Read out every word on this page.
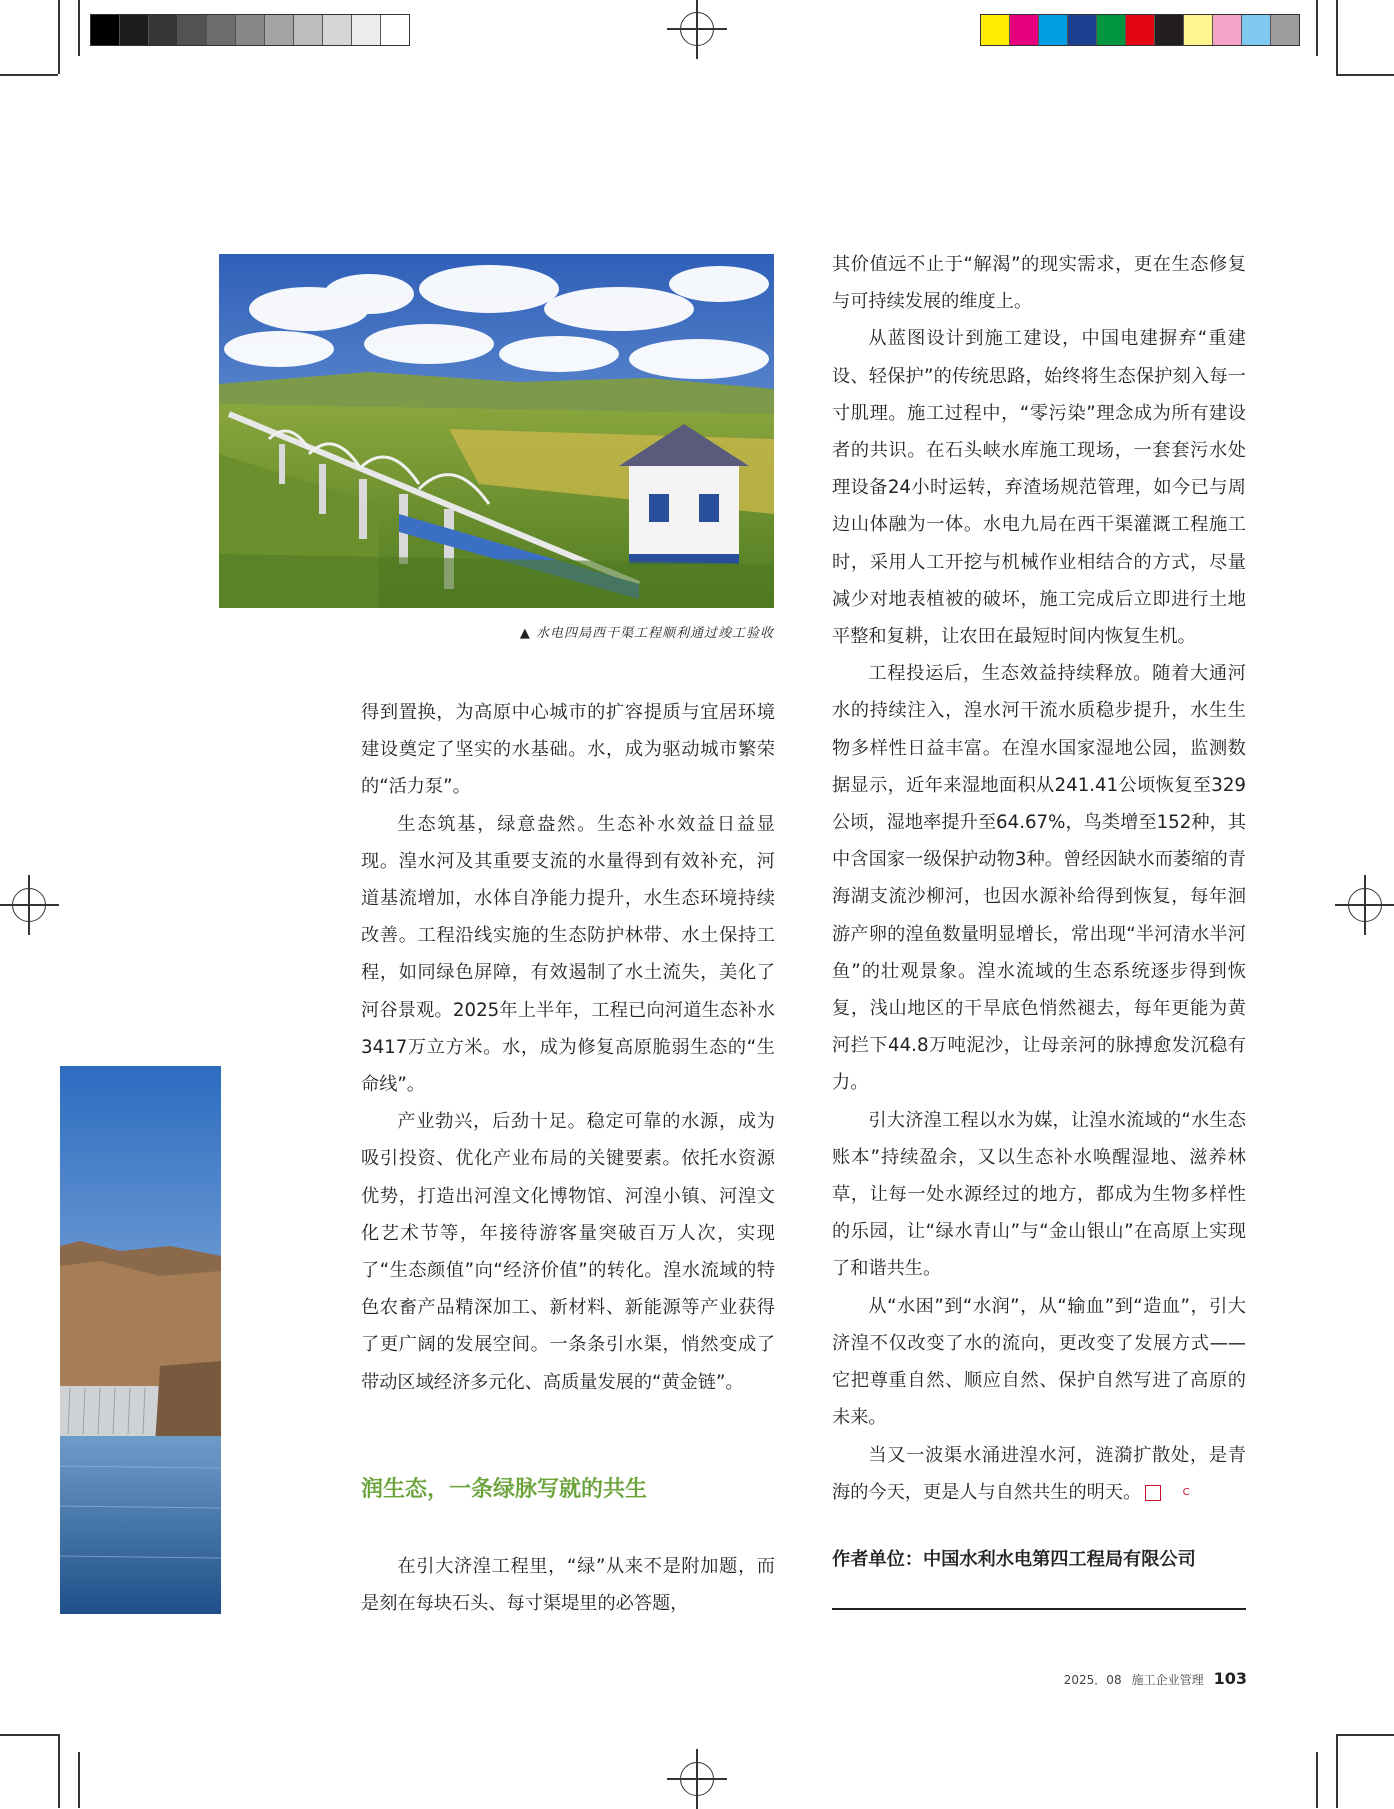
▲ 水电四局西干渠工程顺利通过竣工验收

得到置换，为高原中心城市的扩容提质与宜居环境建设奠定了坚实的水基础。水，成为驱动城市繁荣的“活力泵”。

生态筑基，绿意盎然。生态补水效益日益显现。湟水河及其重要支流的水量得到有效补充，河道基流增加，水体自净能力提升，水生态环境持续改善。工程沿线实施的生态防护林带、水土保持工程，如同绿色屏障，有效遏制了水土流失，美化了河谷景观。2025年上半年，工程已向河道生态补水3417万立方米。水，成为修复高原脆弱生态的“生命线”。

产业勃兴，后劲十足。稳定可靠的水源，成为吸引投资、优化产业布局的关键要素。依托水资源优势，打造出河湟文化博物馆、河湟小镇、河湟文化艺术节等，年接待游客量突破百万人次，实现了“生态颜值”向“经济价值”的转化。湟水流域的特色农畜产品精深加工、新材料、新能源等产业获得了更广阔的发展空间。一条条引水渠，悄然变成了带动区域经济多元化、高质量发展的“黄金链”。

润生态，一条绿脉写就的共生

在引大济湟工程里，“绿”从来不是附加题，而是刻在每块石头、每寸渠堤里的必答题，

其价值远不止于“解渴”的现实需求，更在生态修复与可持续发展的维度上。

从蓝图设计到施工建设，中国电建摒弃“重建设、轻保护”的传统思路，始终将生态保护刻入每一寸肌理。施工过程中，“零污染”理念成为所有建设者的共识。在石头峡水库施工现场，一套套污水处理设备24小时运转，弃渣场规范管理，如今已与周边山体融为一体。水电九局在西干渠灌溉工程施工时，采用人工开挖与机械作业相结合的方式，尽量减少对地表植被的破坏，施工完成后立即进行土地平整和复耕，让农田在最短时间内恢复生机。

工程投运后，生态效益持续释放。随着大通河水的持续注入，湟水河干流水质稳步提升，水生生物多样性日益丰富。在湟水国家湿地公园，监测数据显示，近年来湿地面积从241.41公顷恢复至329公顷，湿地率提升至64.67%，鸟类增至152种，其中含国家一级保护动物3种。曾经因缺水而萎缩的青海湖支流沙柳河，也因水源补给得到恢复，每年洄游产卵的湟鱼数量明显增长，常出现“半河清水半河鱼”的壮观景象。湟水流域的生态系统逐步得到恢复，浅山地区的干旱底色悄然褪去，每年更能为黄河拦下44.8万吨泥沙，让母亲河的脉搏愈发沉稳有力。

引大济湟工程以水为媒，让湟水流域的“水生态账本”持续盈余，又以生态补水唤醒湿地、滋养林草，让每一处水源经过的地方，都成为生物多样性的乐园，让“绿水青山”与“金山银山”在高原上实现了和谐共生。

从“水困”到“水润”，从“输血”到“造血”，引大济湟不仅改变了水的流向，更改变了发展方式——它把尊重自然、顺应自然、保护自然写进了高原的未来。

当又一波渠水涌进湟水河，涟漪扩散处，是青海的今天，更是人与自然共生的明天。	C

作者单位：中国水利水电第四工程局有限公司
2025．08 施工企业管理 103
